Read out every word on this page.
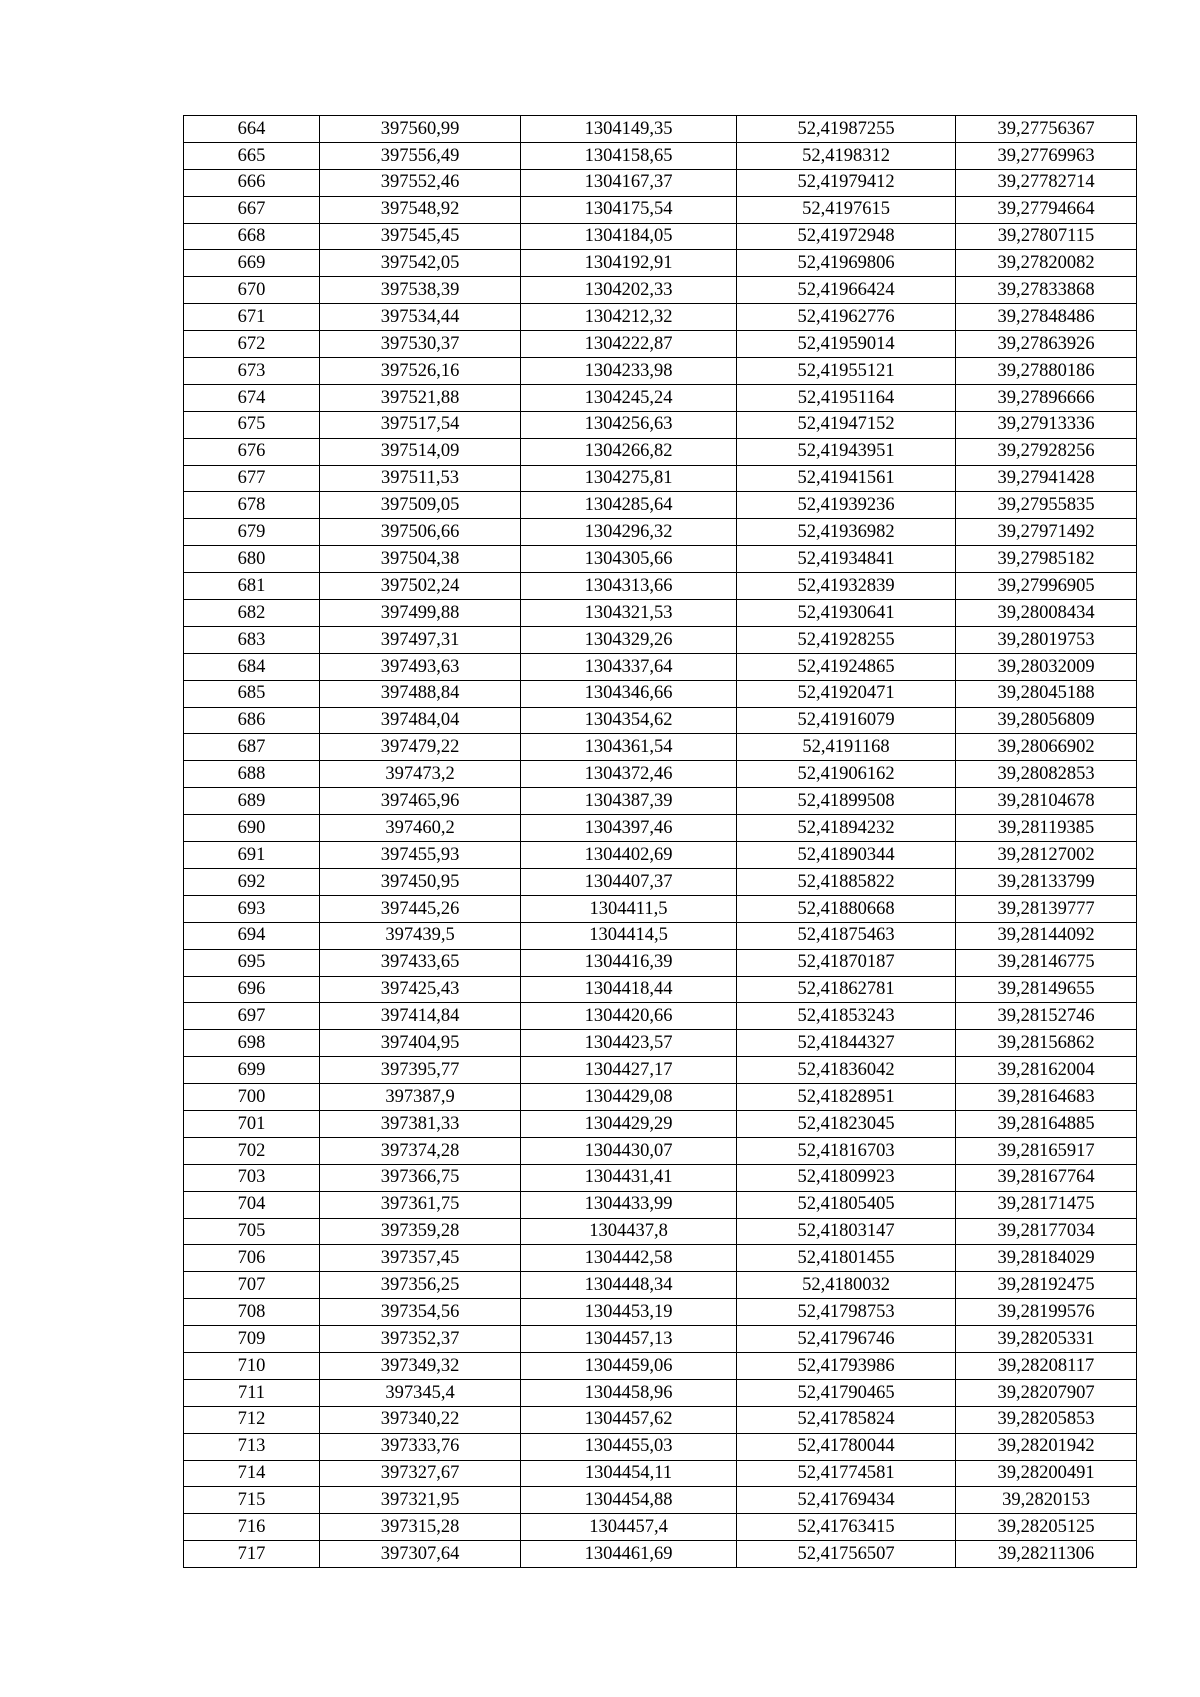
664	397560,99	1304149,35	52,41987255	39,27756367
665	397556,49	1304158,65	52,4198312	39,27769963
666	397552,46	1304167,37	52,41979412	39,27782714
667	397548,92	1304175,54	52,4197615	39,27794664
668	397545,45	1304184,05	52,41972948	39,27807115
669	397542,05	1304192,91	52,41969806	39,27820082
670	397538,39	1304202,33	52,41966424	39,27833868
671	397534,44	1304212,32	52,41962776	39,27848486
672	397530,37	1304222,87	52,41959014	39,27863926
673	397526,16	1304233,98	52,41955121	39,27880186
674	397521,88	1304245,24	52,41951164	39,27896666
675	397517,54	1304256,63	52,41947152	39,27913336
676	397514,09	1304266,82	52,41943951	39,27928256
677	397511,53	1304275,81	52,41941561	39,27941428
678	397509,05	1304285,64	52,41939236	39,27955835
679	397506,66	1304296,32	52,41936982	39,27971492
680	397504,38	1304305,66	52,41934841	39,27985182
681	397502,24	1304313,66	52,41932839	39,27996905
682	397499,88	1304321,53	52,41930641	39,28008434
683	397497,31	1304329,26	52,41928255	39,28019753
684	397493,63	1304337,64	52,41924865	39,28032009
685	397488,84	1304346,66	52,41920471	39,28045188
686	397484,04	1304354,62	52,41916079	39,28056809
687	397479,22	1304361,54	52,4191168	39,28066902
688	397473,2	1304372,46	52,41906162	39,28082853
689	397465,96	1304387,39	52,41899508	39,28104678
690	397460,2	1304397,46	52,41894232	39,28119385
691	397455,93	1304402,69	52,41890344	39,28127002
692	397450,95	1304407,37	52,41885822	39,28133799
693	397445,26	1304411,5	52,41880668	39,28139777
694	397439,5	1304414,5	52,41875463	39,28144092
695	397433,65	1304416,39	52,41870187	39,28146775
696	397425,43	1304418,44	52,41862781	39,28149655
697	397414,84	1304420,66	52,41853243	39,28152746
698	397404,95	1304423,57	52,41844327	39,28156862
699	397395,77	1304427,17	52,41836042	39,28162004
700	397387,9	1304429,08	52,41828951	39,28164683
701	397381,33	1304429,29	52,41823045	39,28164885
702	397374,28	1304430,07	52,41816703	39,28165917
703	397366,75	1304431,41	52,41809923	39,28167764
704	397361,75	1304433,99	52,41805405	39,28171475
705	397359,28	1304437,8	52,41803147	39,28177034
706	397357,45	1304442,58	52,41801455	39,28184029
707	397356,25	1304448,34	52,4180032	39,28192475
708	397354,56	1304453,19	52,41798753	39,28199576
709	397352,37	1304457,13	52,41796746	39,28205331
710	397349,32	1304459,06	52,41793986	39,28208117
711	397345,4	1304458,96	52,41790465	39,28207907
712	397340,22	1304457,62	52,41785824	39,28205853
713	397333,76	1304455,03	52,41780044	39,28201942
714	397327,67	1304454,11	52,41774581	39,28200491
715	397321,95	1304454,88	52,41769434	39,2820153
716	397315,28	1304457,4	52,41763415	39,28205125
717	397307,64	1304461,69	52,41756507	39,28211306
